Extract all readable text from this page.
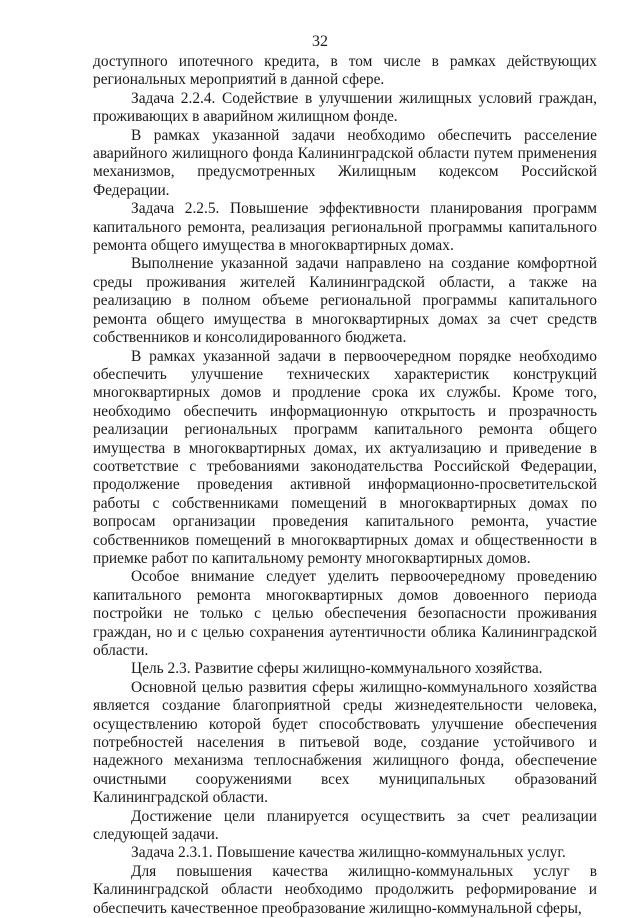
32

доступного ипотечного кредита, в том числе в рамках действующих региональных мероприятий в данной сфере.

Задача 2.2.4. Содействие в улучшении жилищных условий граждан, проживающих в аварийном жилищном фонде.

В рамках указанной задачи необходимо обеспечить расселение аварийного жилищного фонда Калининградской области путем применения механизмов, предусмотренных Жилищным кодексом Российской Федерации.

Задача 2.2.5. Повышение эффективности планирования программ капитального ремонта, реализация региональной программы капитального ремонта общего имущества в многоквартирных домах.

Выполнение указанной задачи направлено на создание комфортной среды проживания жителей Калининградской области, а также на реализацию в полном объеме региональной программы капитального ремонта общего имущества в многоквартирных домах за счет средств собственников и консолидированного бюджета.

В рамках указанной задачи в первоочередном порядке необходимо обеспечить улучшение технических характеристик конструкций многоквартирных домов и продление срока их службы. Кроме того, необходимо обеспечить информационную открытость и прозрачность реализации региональных программ капитального ремонта общего имущества в многоквартирных домах, их актуализацию и приведение в соответствие с требованиями законодательства Российской Федерации, продолжение проведения активной информационно-просветительской работы с собственниками помещений в многоквартирных домах по вопросам организации проведения капитального ремонта, участие собственников помещений в многоквартирных домах и общественности в приемке работ по капитальному ремонту многоквартирных домов.

Особое внимание следует уделить первоочередному проведению капитального ремонта многоквартирных домов довоенного периода постройки не только с целью обеспечения безопасности проживания граждан, но и с целью сохранения аутентичности облика Калининградской области.

Цель 2.3. Развитие сферы жилищно-коммунального хозяйства.

Основной целью развития сферы жилищно-коммунального хозяйства является создание благоприятной среды жизнедеятельности человека, осуществлению которой будет способствовать улучшение обеспечения потребностей населения в питьевой воде, создание устойчивого и надежного механизма теплоснабжения жилищного фонда, обеспечение очистными сооружениями всех муниципальных образований Калининградской области.

Достижение цели планируется осуществить за счет реализации следующей задачи.

Задача 2.3.1. Повышение качества жилищно-коммунальных услуг.

Для повышения качества жилищно-коммунальных услуг в Калининградской области необходимо продолжить реформирование и обеспечить качественное преобразование жилищно-коммунальной сферы,
